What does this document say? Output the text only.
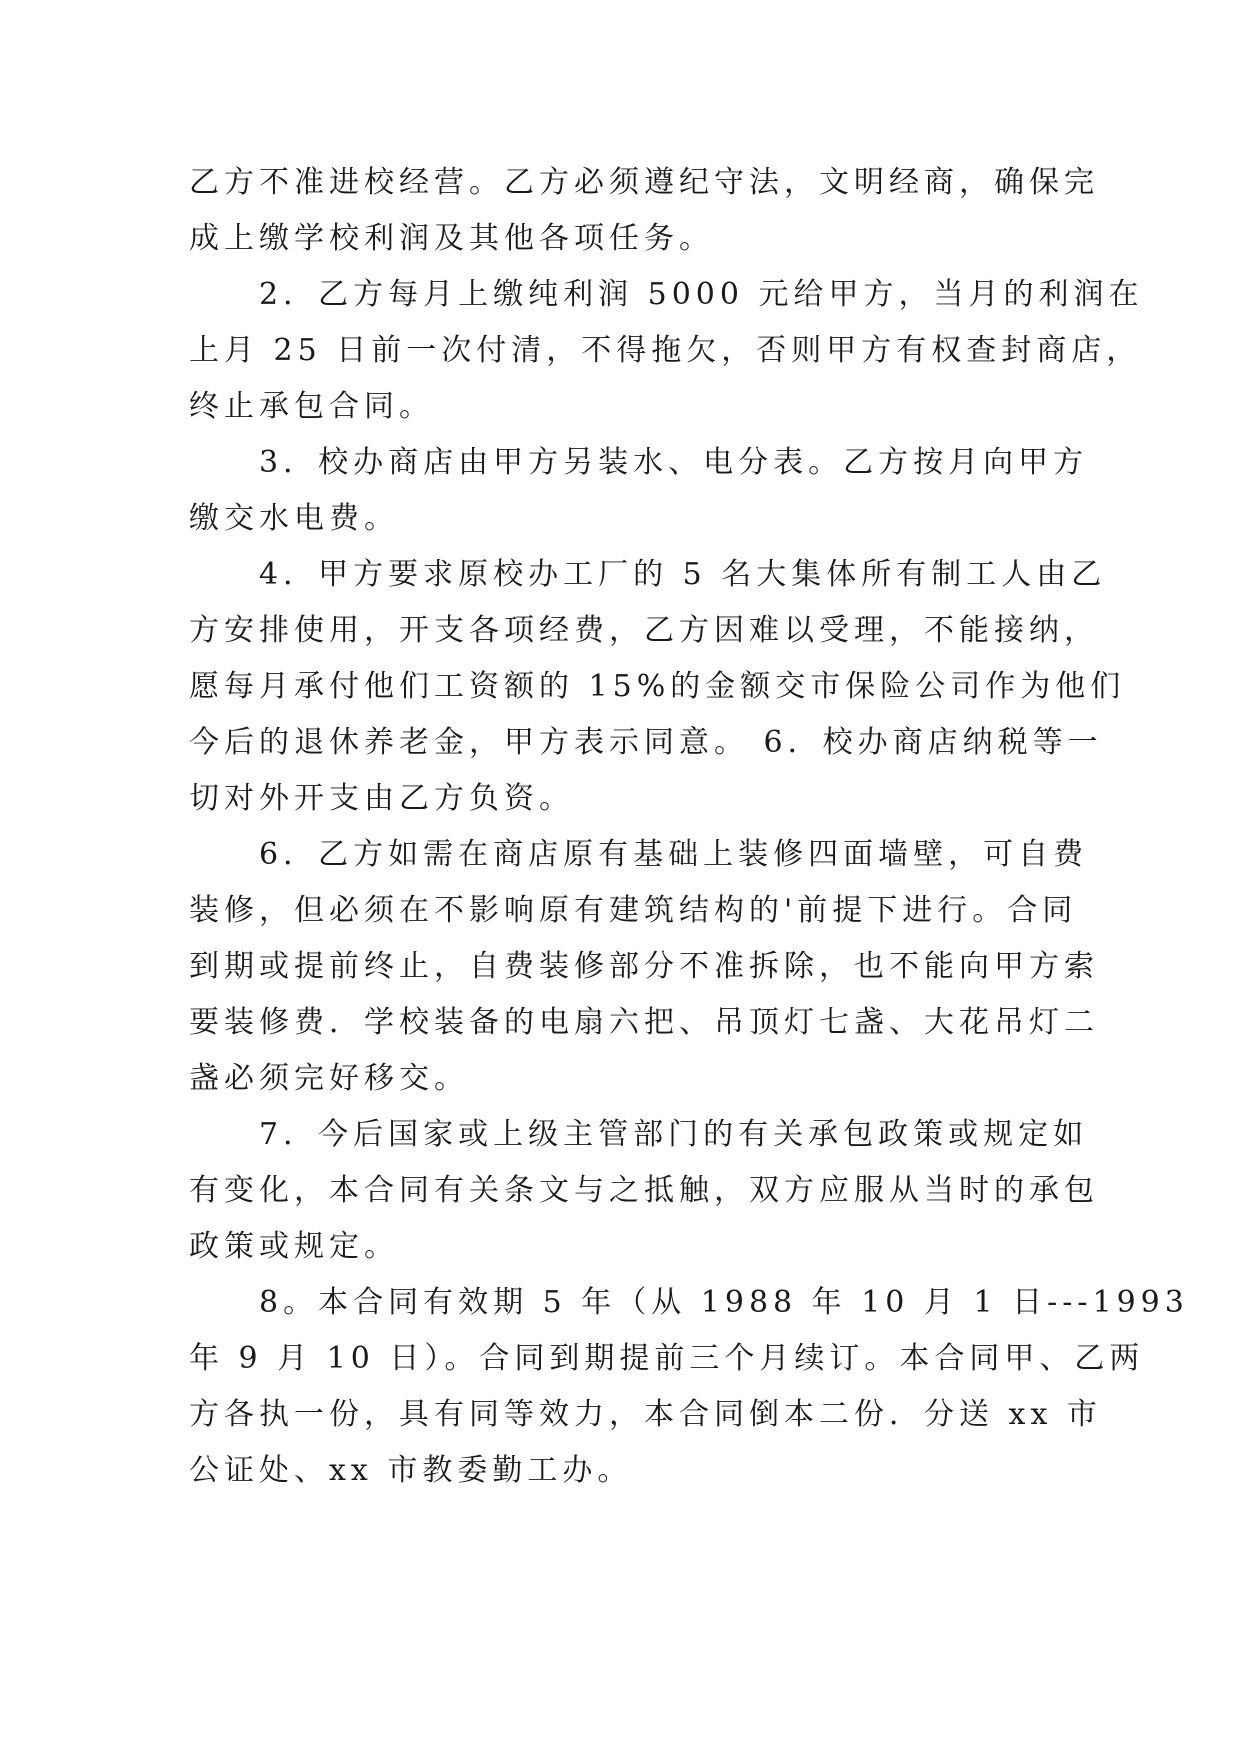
乙方不准进校经营。乙方必须遵纪守法，文明经商，确保完
成上缴学校利润及其他各项任务。
　　2．乙方每月上缴纯利润 5000 元给甲方，当月的利润在
上月 25 日前一次付清，不得拖欠，否则甲方有权查封商店，
终止承包合同。
　　3．校办商店由甲方另装水、电分表。乙方按月向甲方
缴交水电费。
　　4．甲方要求原校办工厂的 5 名大集体所有制工人由乙
方安排使用，开支各项经费，乙方因难以受理，不能接纳，
愿每月承付他们工资额的 15%的金额交市保险公司作为他们
今后的退休养老金，甲方表示同意。 6．校办商店纳税等一
切对外开支由乙方负资。
　　6．乙方如需在商店原有基础上装修四面墙壁，可自费
装修，但必须在不影响原有建筑结构的'前提下进行。合同
到期或提前终止，自费装修部分不准拆除，也不能向甲方索
要装修费．学校装备的电扇六把、吊顶灯七盏、大花吊灯二
盏必须完好移交。
　　7．今后国家或上级主管部门的有关承包政策或规定如
有变化，本合同有关条文与之抵触，双方应服从当时的承包
政策或规定。
　　8。本合同有效期 5 年（从 1988 年 10 月 1 日---1993
年 9 月 10 日）。合同到期提前三个月续订。本合同甲、乙两
方各执一份，具有同等效力，本合同倒本二份．分送 xx 市
公证处、xx 市教委勤工办。
